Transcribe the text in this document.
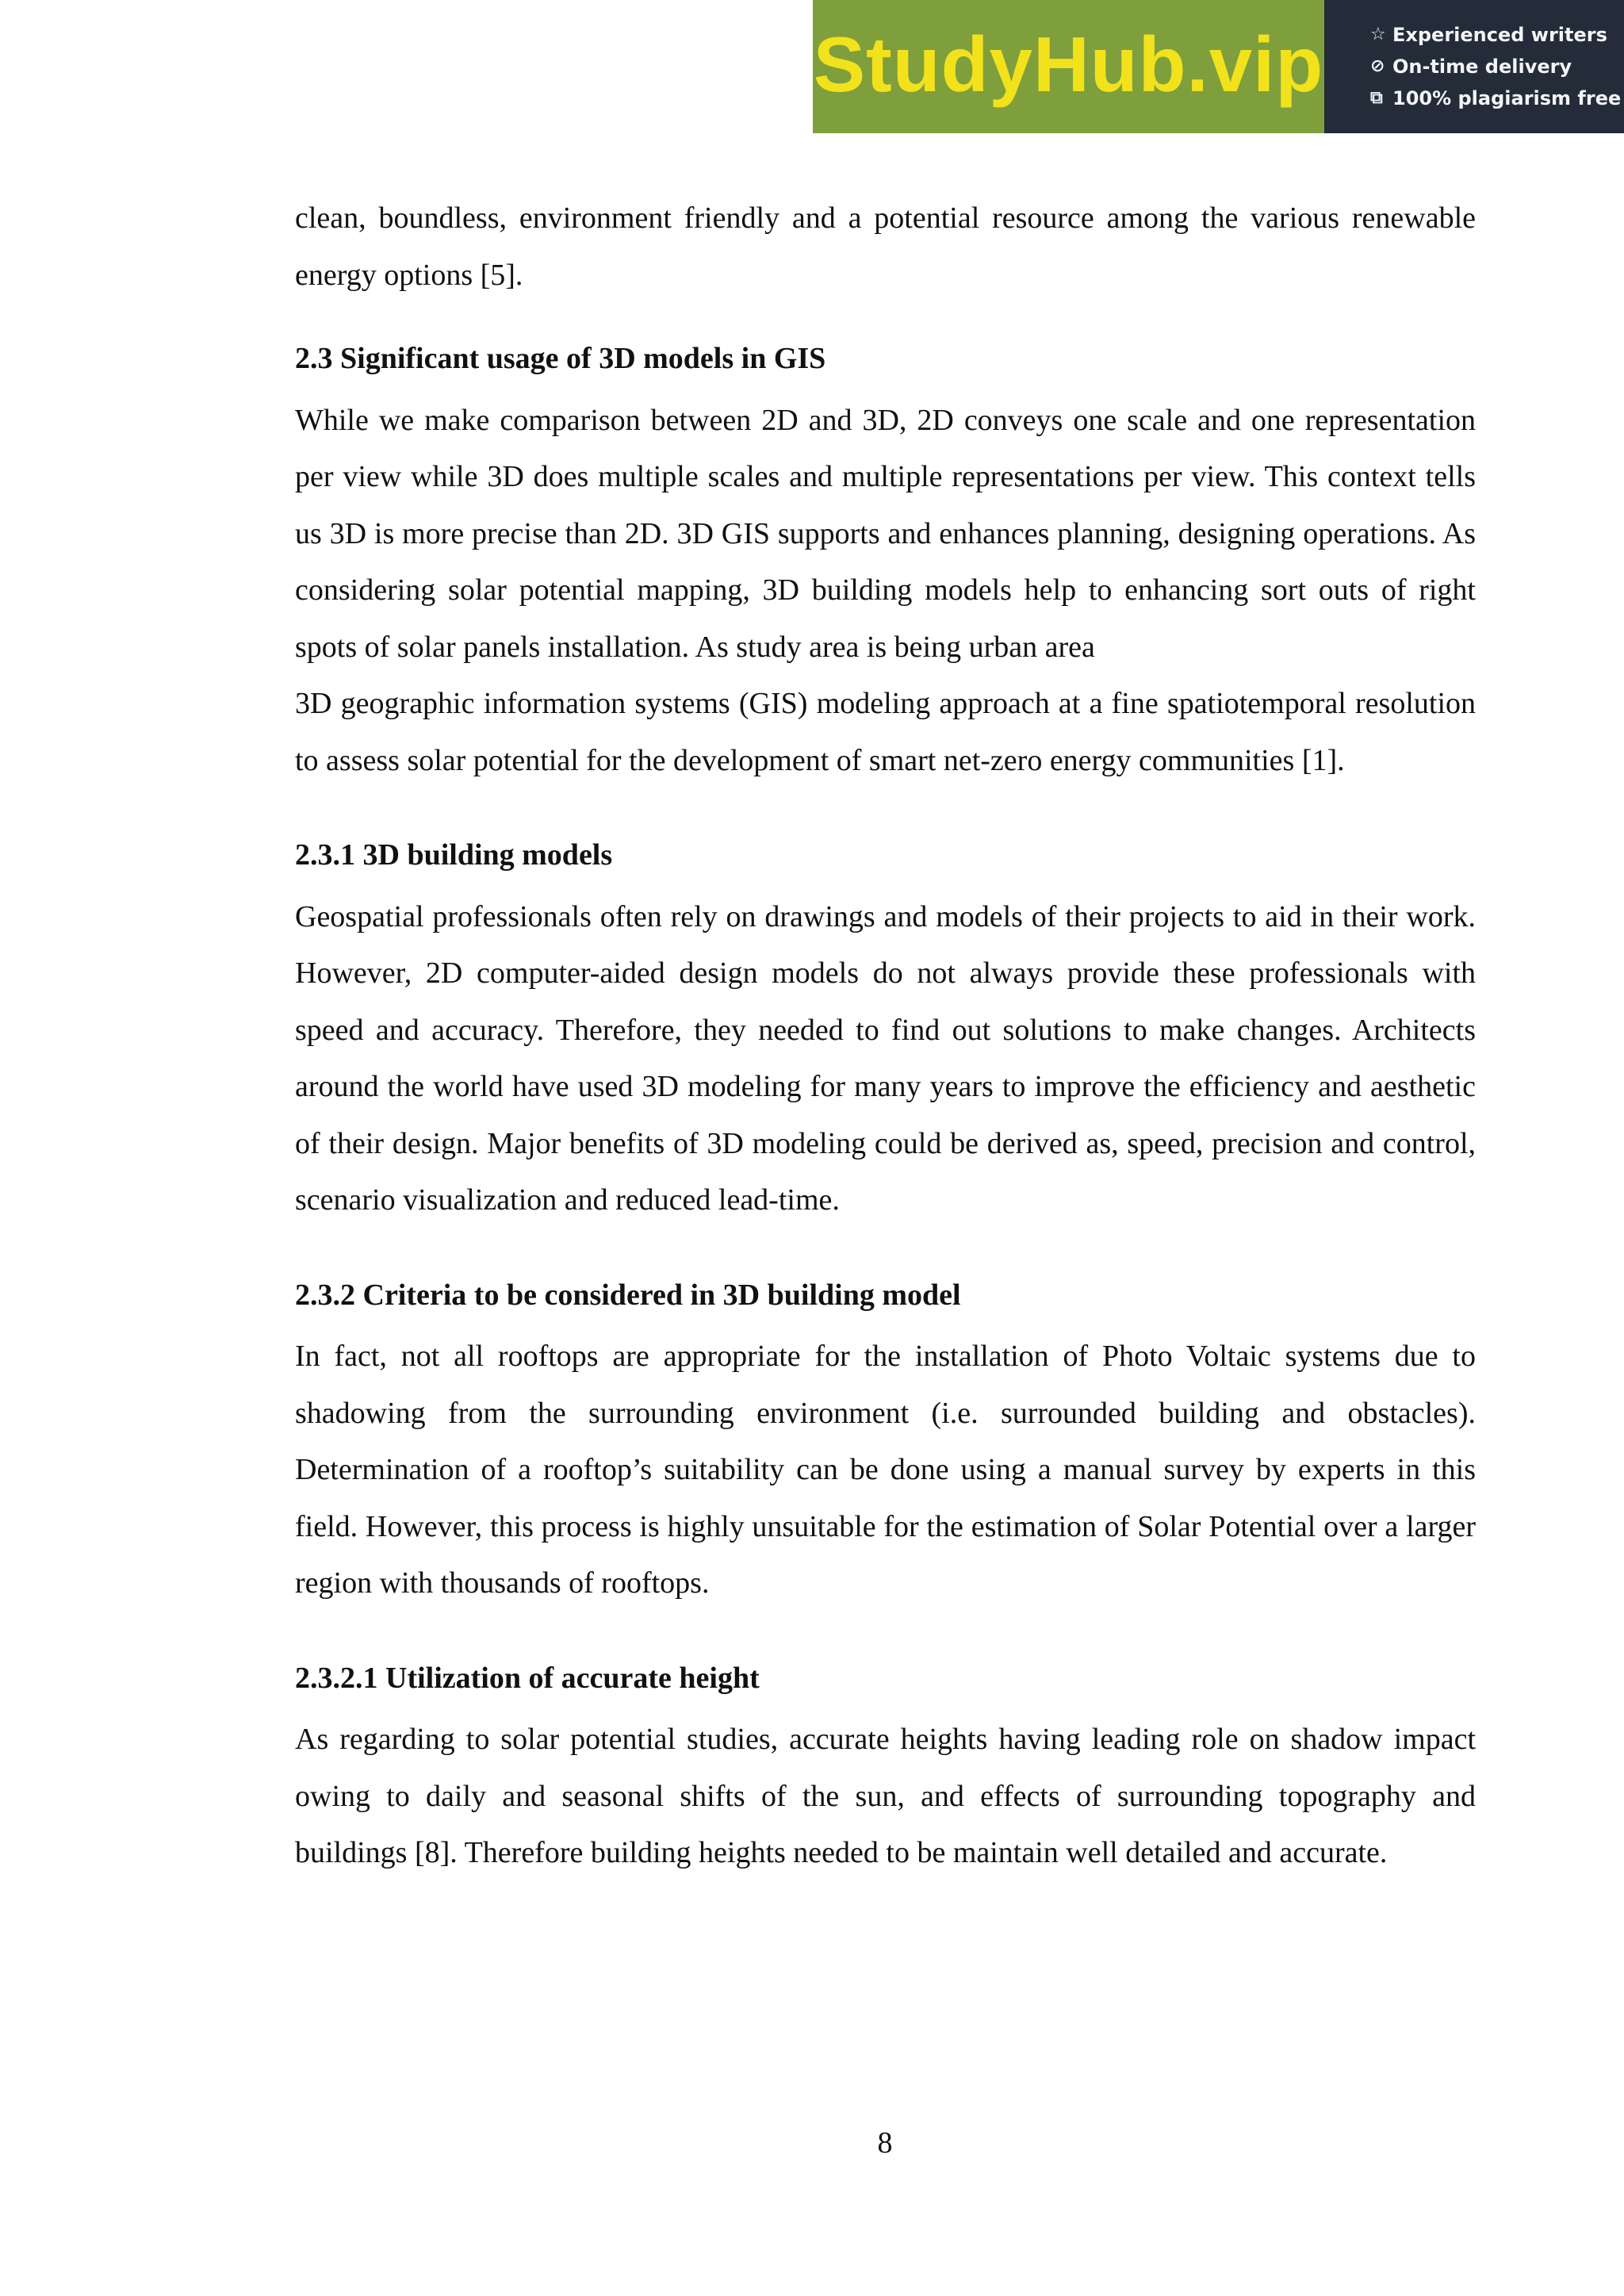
StudyHub.vip	☆ Experienced writers
⊘ On-time delivery
⧉ 100% plagiarism free

clean, boundless, environment friendly and a potential resource among the various renewable energy options [5].

2.3 Significant usage of 3D models in GIS

While we make comparison between 2D and 3D, 2D conveys one scale and one representation per view while 3D does multiple scales and multiple representations per view. This context tells us 3D is more precise than 2D. 3D GIS supports and enhances planning, designing operations. As considering solar potential mapping, 3D building models help to enhancing sort outs of right spots of solar panels installation. As study area is being urban area

3D geographic information systems (GIS) modeling approach at a fine spatiotemporal resolution to assess solar potential for the development of smart net-zero energy communities [1].

2.3.1 3D building models

Geospatial professionals often rely on drawings and models of their projects to aid in their work. However, 2D computer-aided design models do not always provide these professionals with speed and accuracy. Therefore, they needed to find out solutions to make changes. Architects around the world have used 3D modeling for many years to improve the efficiency and aesthetic of their design. Major benefits of 3D modeling could be derived as, speed, precision and control, scenario visualization and reduced lead-time.

2.3.2 Criteria to be considered in 3D building model

In fact, not all rooftops are appropriate for the installation of Photo Voltaic systems due to shadowing from the surrounding environment (i.e. surrounded building and obstacles). Determination of a rooftop’s suitability can be done using a manual survey by experts in this field. However, this process is highly unsuitable for the estimation of Solar Potential over a larger region with thousands of rooftops.

2.3.2.1 Utilization of accurate height

As regarding to solar potential studies, accurate heights having leading role on shadow impact owing to daily and seasonal shifts of the sun, and effects of surrounding topography and buildings [8]. Therefore building heights needed to be maintain well detailed and accurate.

8
